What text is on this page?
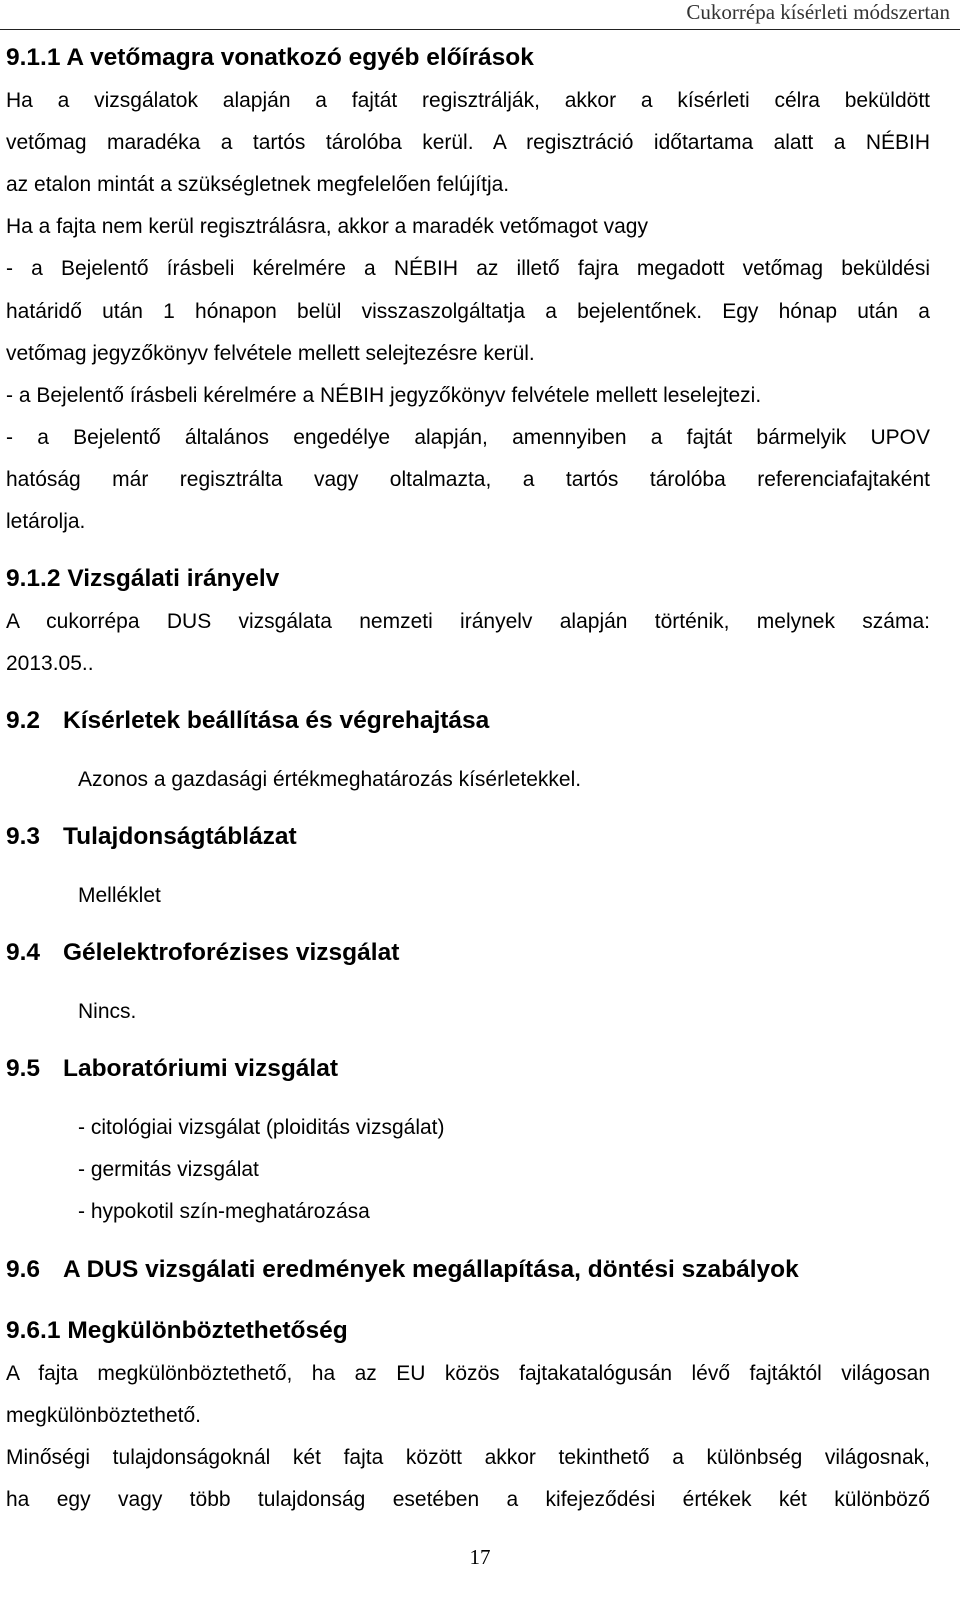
Cukorrépa kísérleti módszertan
9.1.1 A vetőmagra vonatkozó egyéb előírások
Ha a vizsgálatok alapján a fajtát regisztrálják, akkor a kísérleti célra beküldött
vetőmag maradéka a tartós tárolóba kerül. A regisztráció időtartama alatt a NÉBIH
az etalon mintát a szükségletnek megfelelően felújítja.
Ha a fajta nem kerül regisztrálásra, akkor a maradék vetőmagot vagy
- a Bejelentő írásbeli kérelmére a NÉBIH az illető fajra megadott vetőmag beküldési
határidő után 1 hónapon belül visszaszolgáltatja a bejelentőnek. Egy hónap után a
vetőmag jegyzőkönyv felvétele mellett selejtezésre kerül.
- a Bejelentő írásbeli kérelmére a NÉBIH jegyzőkönyv felvétele mellett leselejtezi.
- a Bejelentő általános engedélye alapján, amennyiben a fajtát bármelyik UPOV
hatóság már regisztrálta vagy oltalmazta, a tartós tárolóba referenciafajtaként
letárolja.
9.1.2 Vizsgálati irányelv
A cukorrépa DUS vizsgálata nemzeti irányelv alapján történik, melynek száma:
2013.05..
9.2 Kísérletek beállítása és végrehajtása
Azonos a gazdasági értékmeghatározás kísérletekkel.
9.3 Tulajdonságtáblázat
Melléklet
9.4 Gélelektroforézises vizsgálat
Nincs.
9.5 Laboratóriumi vizsgálat
- citológiai vizsgálat (ploiditás vizsgálat)
- germitás vizsgálat
- hypokotil szín-meghatározása
9.6 A DUS vizsgálati eredmények megállapítása, döntési szabályok
9.6.1 Megkülönböztethetőség
A fajta megkülönböztethető, ha az EU közös fajtakatalógusán lévő fajtáktól világosan
megkülönböztethető.
Minőségi tulajdonságoknál két fajta között akkor tekinthető a különbség világosnak,
ha egy vagy több tulajdonság esetében a kifejeződési értékek két különböző
17
